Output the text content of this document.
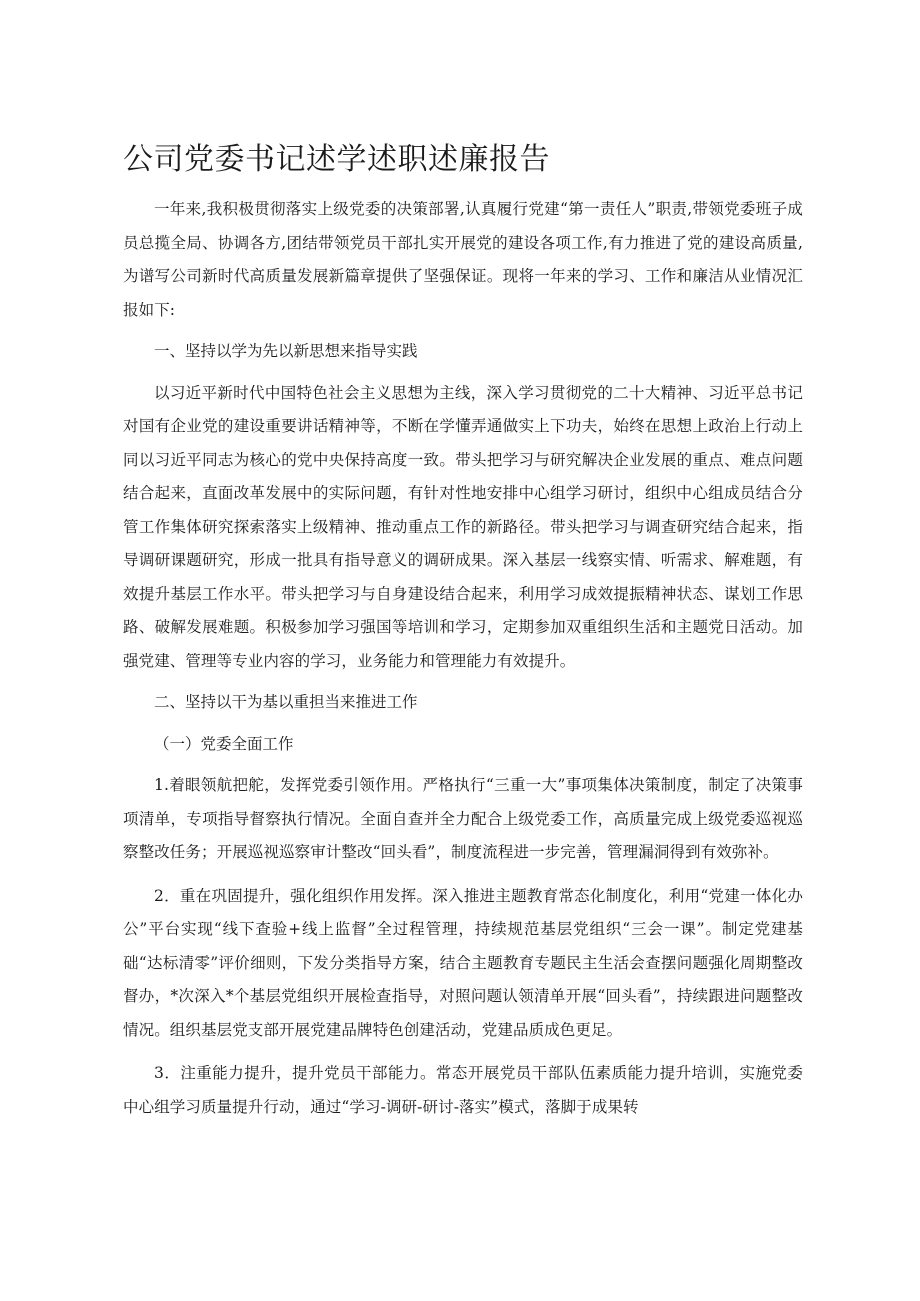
公司党委书记述学述职述廉报告

一年来,我积极贯彻落实上级党委的决策部署,认真履行党建“第一责任人”职责,带领党委班子成员总揽全局、协调各方,团结带领党员干部扎实开展党的建设各项工作,有力推进了党的建设高质量,为谱写公司新时代高质量发展新篇章提供了坚强保证。现将一年来的学习、工作和廉洁从业情况汇报如下:

一、坚持以学为先以新思想来指导实践

以习近平新时代中国特色社会主义思想为主线，深入学习贯彻党的二十大精神、习近平总书记对国有企业党的建设重要讲话精神等，不断在学懂弄通做实上下功夫，始终在思想上政治上行动上同以习近平同志为核心的党中央保持高度一致。带头把学习与研究解决企业发展的重点、难点问题结合起来，直面改革发展中的实际问题，有针对性地安排中心组学习研讨，组织中心组成员结合分管工作集体研究探索落实上级精神、推动重点工作的新路径。带头把学习与调查研究结合起来，指导调研课题研究，形成一批具有指导意义的调研成果。深入基层一线察实情、听需求、解难题，有效提升基层工作水平。带头把学习与自身建设结合起来，利用学习成效提振精神状态、谋划工作思路、破解发展难题。积极参加学习强国等培训和学习，定期参加双重组织生活和主题党日活动。加强党建、管理等专业内容的学习，业务能力和管理能力有效提升。

二、坚持以干为基以重担当来推进工作

（一）党委全面工作

1.着眼领航把舵，发挥党委引领作用。严格执行“三重一大”事项集体决策制度，制定了决策事项清单，专项指导督察执行情况。全面自查并全力配合上级党委工作，高质量完成上级党委巡视巡察整改任务；开展巡视巡察审计整改“回头看”，制度流程进一步完善，管理漏洞得到有效弥补。

2．重在巩固提升，强化组织作用发挥。深入推进主题教育常态化制度化，利用“党建一体化办公”平台实现“线下查验+线上监督”全过程管理，持续规范基层党组织“三会一课”。制定党建基础“达标清零”评价细则，下发分类指导方案，结合主题教育专题民主生活会查摆问题强化周期整改督办，*次深入*个基层党组织开展检查指导，对照问题认领清单开展“回头看”，持续跟进问题整改情况。组织基层党支部开展党建品牌特色创建活动，党建品质成色更足。

3．注重能力提升，提升党员干部能力。常态开展党员干部队伍素质能力提升培训，实施党委中心组学习质量提升行动，通过“学习-调研-研讨-落实”模式，落脚于成果转
